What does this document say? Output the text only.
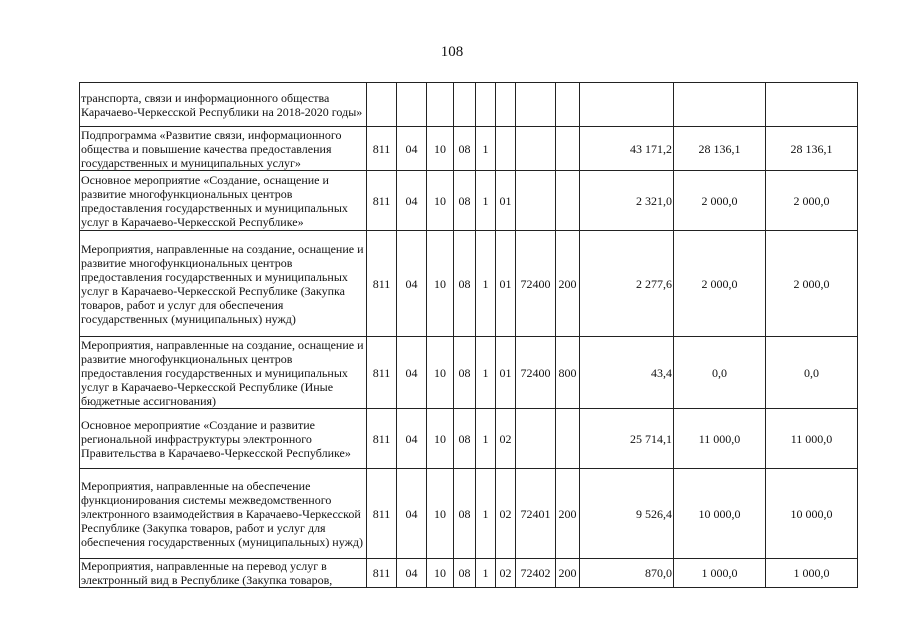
108
транспорта, связи и информационного общества Карачаево-Черкесской Республики на 2018-2020 годы»											
Подпрограмма «Развитие связи, информационного общества и повышение качества предоставления государственных и муниципальных услуг»	811	04	10	08	1				43 171,2	28 136,1	28 136,1
Основное мероприятие «Создание, оснащение и развитие многофункциональных центров предоставления государственных и муниципальных услуг в Карачаево-Черкесской Республике»	811	04	10	08	1	01			2 321,0	2 000,0	2 000,0
Мероприятия, направленные на создание, оснащение и развитие многофункциональных центров предоставления государственных и муниципальных услуг в Карачаево-Черкесской Республике (Закупка товаров, работ и услуг для обеспечения государственных (муниципальных) нужд)	811	04	10	08	1	01	72400	200	2 277,6	2 000,0	2 000,0
Мероприятия, направленные на создание, оснащение и развитие многофункциональных центров предоставления государственных и муниципальных услуг в Карачаево-Черкесской Республике (Иные бюджетные ассигнования)	811	04	10	08	1	01	72400	800	43,4	0,0	0,0
Основное мероприятие «Создание и развитие региональной инфраструктуры электронного Правительства в Карачаево-Черкесской Республике»	811	04	10	08	1	02			25 714,1	11 000,0	11 000,0
Мероприятия, направленные на обеспечение функционирования системы межведомственного электронного взаимодействия в Карачаево-Черкесской Республике (Закупка товаров, работ и услуг для обеспечения государственных (муниципальных) нужд)	811	04	10	08	1	02	72401	200	9 526,4	10 000,0	10 000,0
Мероприятия, направленные на перевод услуг в электронный вид в Республике (Закупка товаров,	811	04	10	08	1	02	72402	200	870,0	1 000,0	1 000,0
